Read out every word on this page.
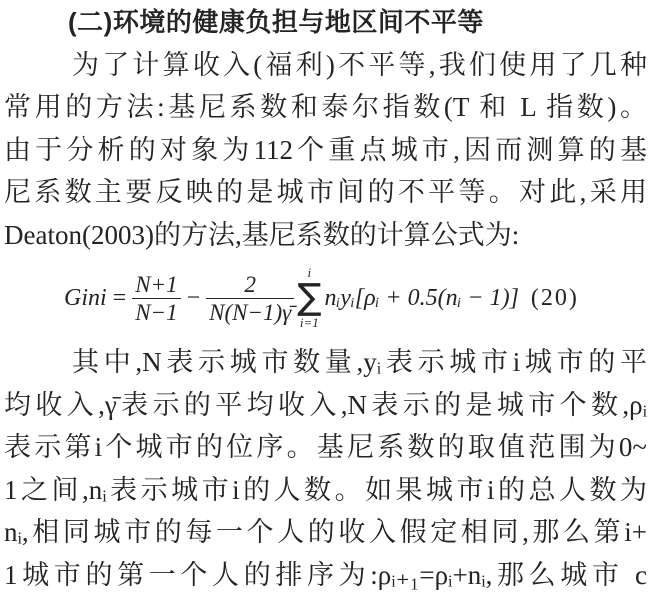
(二)环境的健康负担与地区间不平等
为了计算收入(福利)不平等,我们使用了几种
常用的方法:基尼系数和泰尔指数(T 和 L 指数)。
由于分析的对象为112个重点城市,因而测算的基
尼系数主要反映的是城市间的不平等。对此,采用
Deaton(2003)的方法,基尼系数的计算公式为:
Gini = $\frac{N+1}{N-1} - \frac{2}{N(N-1)\gammā}$ i
∑
i=1
nᵢyᵢ[ρᵢ + 0.5(nᵢ − 1)] (20)
其中,N表示城市数量,yᵢ表示城市i城市的平
均收入,γ̄表示的平均收入,N表示的是城市个数,ρᵢ
表示第i个城市的位序。基尼系数的取值范围为0~
1之间,nᵢ表示城市i的人数。如果城市i的总人数为
nᵢ,相同城市的每一个人的收入假定相同,那么第i+
1城市的第一个人的排序为:ρᵢ₊₁=ρᵢ+nᵢ,那么城市 c
